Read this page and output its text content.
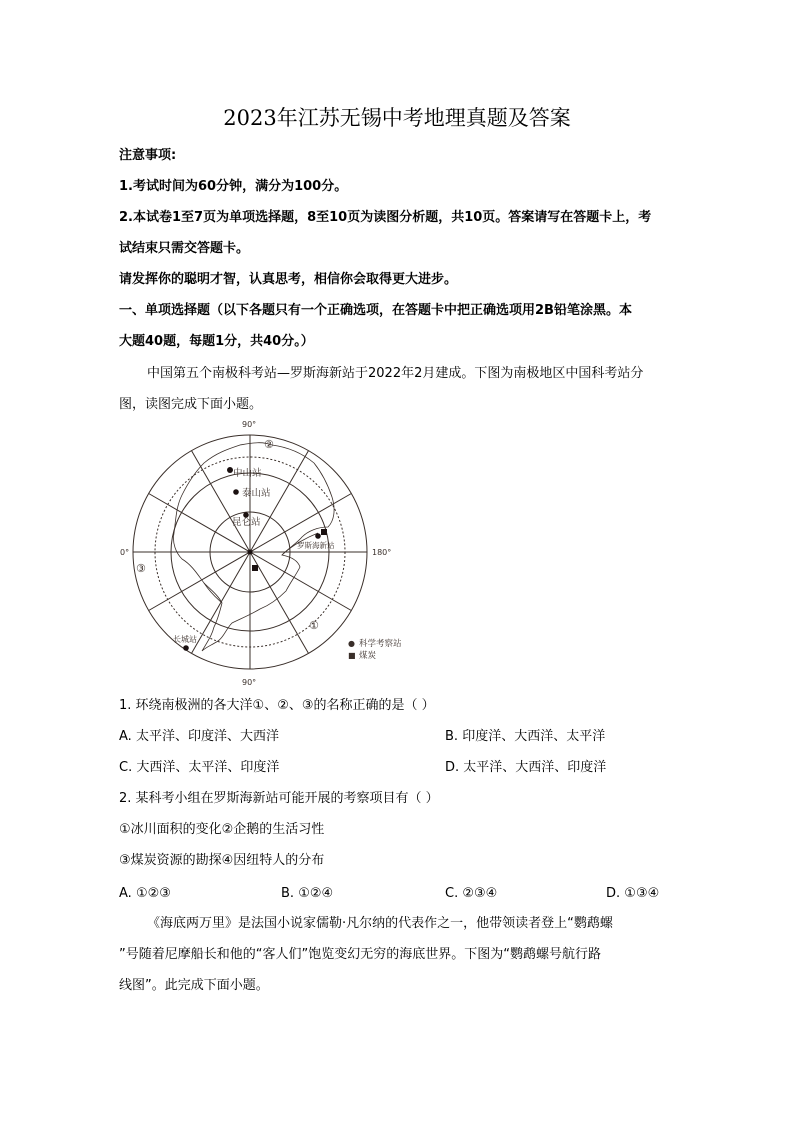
2023年江苏无锡中考地理真题及答案
注意事项:
1.考试时间为60分钟，满分为100分。
2.本试卷1至7页为单项选择题，8至10页为读图分析题，共10页。答案请写在答题卡上，考
试结束只需交答题卡。
请发挥你的聪明才智，认真思考，相信你会取得更大进步。
一、单项选择题（以下各题只有一个正确选项，在答题卡中把正确选项用2B铅笔涂黑。本
大题40题，每题1分，共40分。）
中国第五个南极科考站—罗斯海新站于2022年2月建成。下图为南极地区中国科考站分
图，读图完成下面小题。
90°
90°
0°	180°
②
③
①
中山站
泰山站
昆仑站
罗斯海新站
长城站	● 科学考察站
■ 煤炭
1. 环绕南极洲的各大洋①、②、③的名称正确的是（ ）
A. 太平洋、印度洋、大西洋	B. 印度洋、大西洋、太平洋
C. 大西洋、太平洋、印度洋	D. 太平洋、大西洋、印度洋
2. 某科考小组在罗斯海新站可能开展的考察项目有（ ）
①冰川面积的变化②企鹅的生活习性
③煤炭资源的勘探④因纽特人的分布
A. ①②③	B. ①②④	C. ②③④	D. ①③④
《海底两万里》是法国小说家儒勒·凡尔纳的代表作之一，他带领读者登上“鹦鹉螺
”号随着尼摩船长和他的“客人们”饱览变幻无穷的海底世界。下图为“鹦鹉螺号航行路
线图”。此完成下面小题。
